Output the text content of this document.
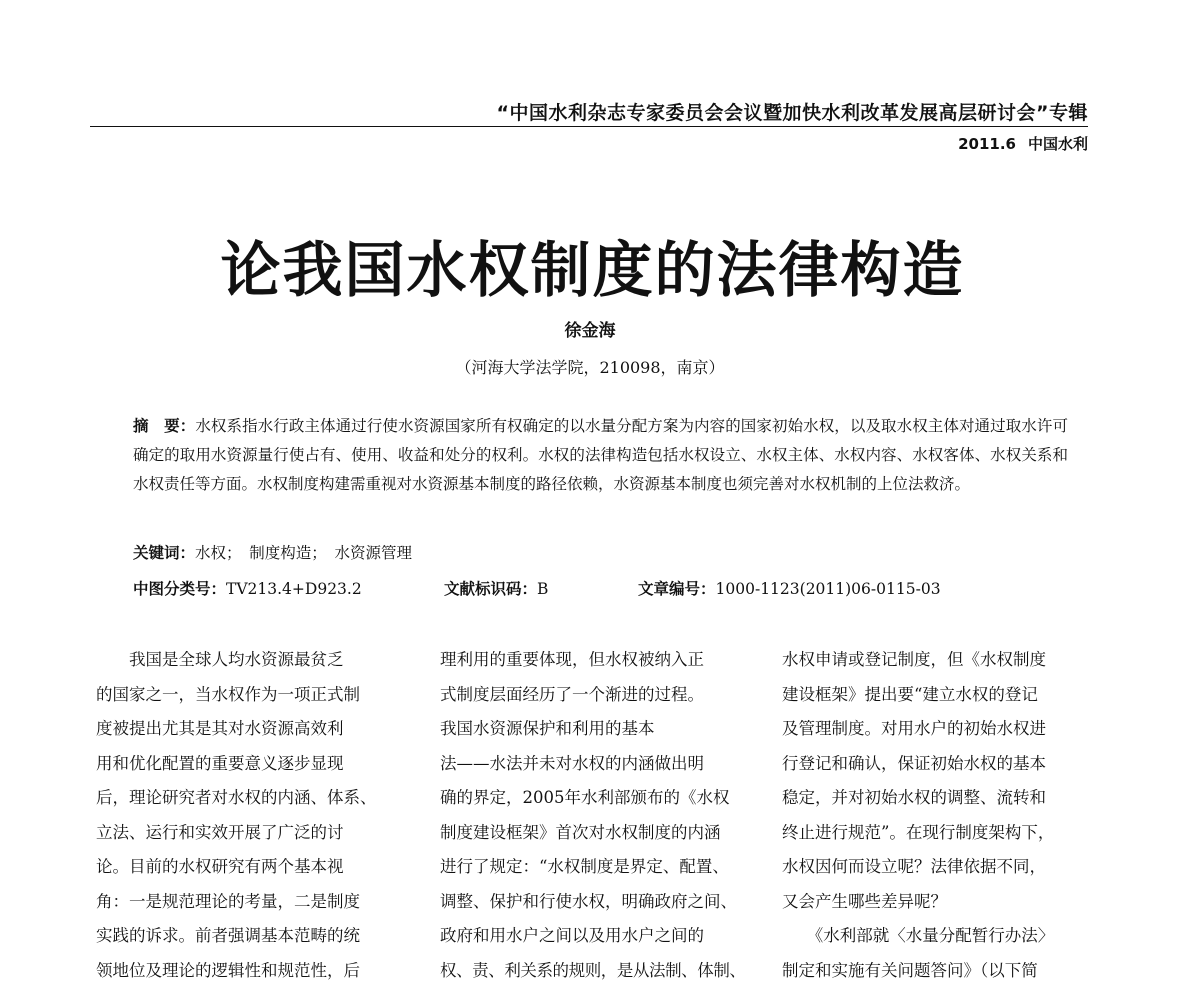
“中国水利杂志专家委员会会议暨加快水利改革发展高层研讨会”专辑
2011.6 中国水利
论我国水权制度的法律构造
徐金海
（河海大学法学院，210098，南京）
摘　要：水权系指水行政主体通过行使水资源国家所有权确定的以水量分配方案为内容的国家初始水权，以及取水权主体对通过取水许可确定的取用水资源量行使占有、使用、收益和处分的权利。水权的法律构造包括水权设立、水权主体、水权内容、水权客体、水权关系和水权责任等方面。水权制度构建需重视对水资源基本制度的路径依赖，水资源基本制度也须完善对水权机制的上位法救济。
关键词：水权；　制度构造；　水资源管理
中图分类号：TV213.4+D923.2	文献标识码：B	文章编号：1000-1123(2011)06-0115-03
　　我国是全球人均水资源最贫乏
的国家之一，当水权作为一项正式制
度被提出尤其是其对水资源高效利
用和优化配置的重要意义逐步显现
后，理论研究者对水权的内涵、体系、
立法、运行和实效开展了广泛的讨
论。目前的水权研究有两个基本视
角：一是规范理论的考量，二是制度
实践的诉求。前者强调基本范畴的统
领地位及理论的逻辑性和规范性，后
理利用的重要体现，但水权被纳入正
式制度层面经历了一个渐进的过程。
我国水资源保护和利用的基本
法——水法并未对水权的内涵做出明
确的界定，2005年水利部颁布的《水权
制度建设框架》首次对水权制度的内涵
进行了规定：“水权制度是界定、配置、
调整、保护和行使水权，明确政府之间、
政府和用水户之间以及用水户之间的
权、责、利关系的规则，是从法制、体制、
水权申请或登记制度，但《水权制度
建设框架》提出要“建立水权的登记
及管理制度。对用水户的初始水权进
行登记和确认，保证初始水权的基本
稳定，并对初始水权的调整、流转和
终止进行规范”。在现行制度架构下，
水权因何而设立呢？法律依据不同，
又会产生哪些差异呢？
　　《水利部就〈水量分配暂行办法〉
制定和实施有关问题答问》（以下简
